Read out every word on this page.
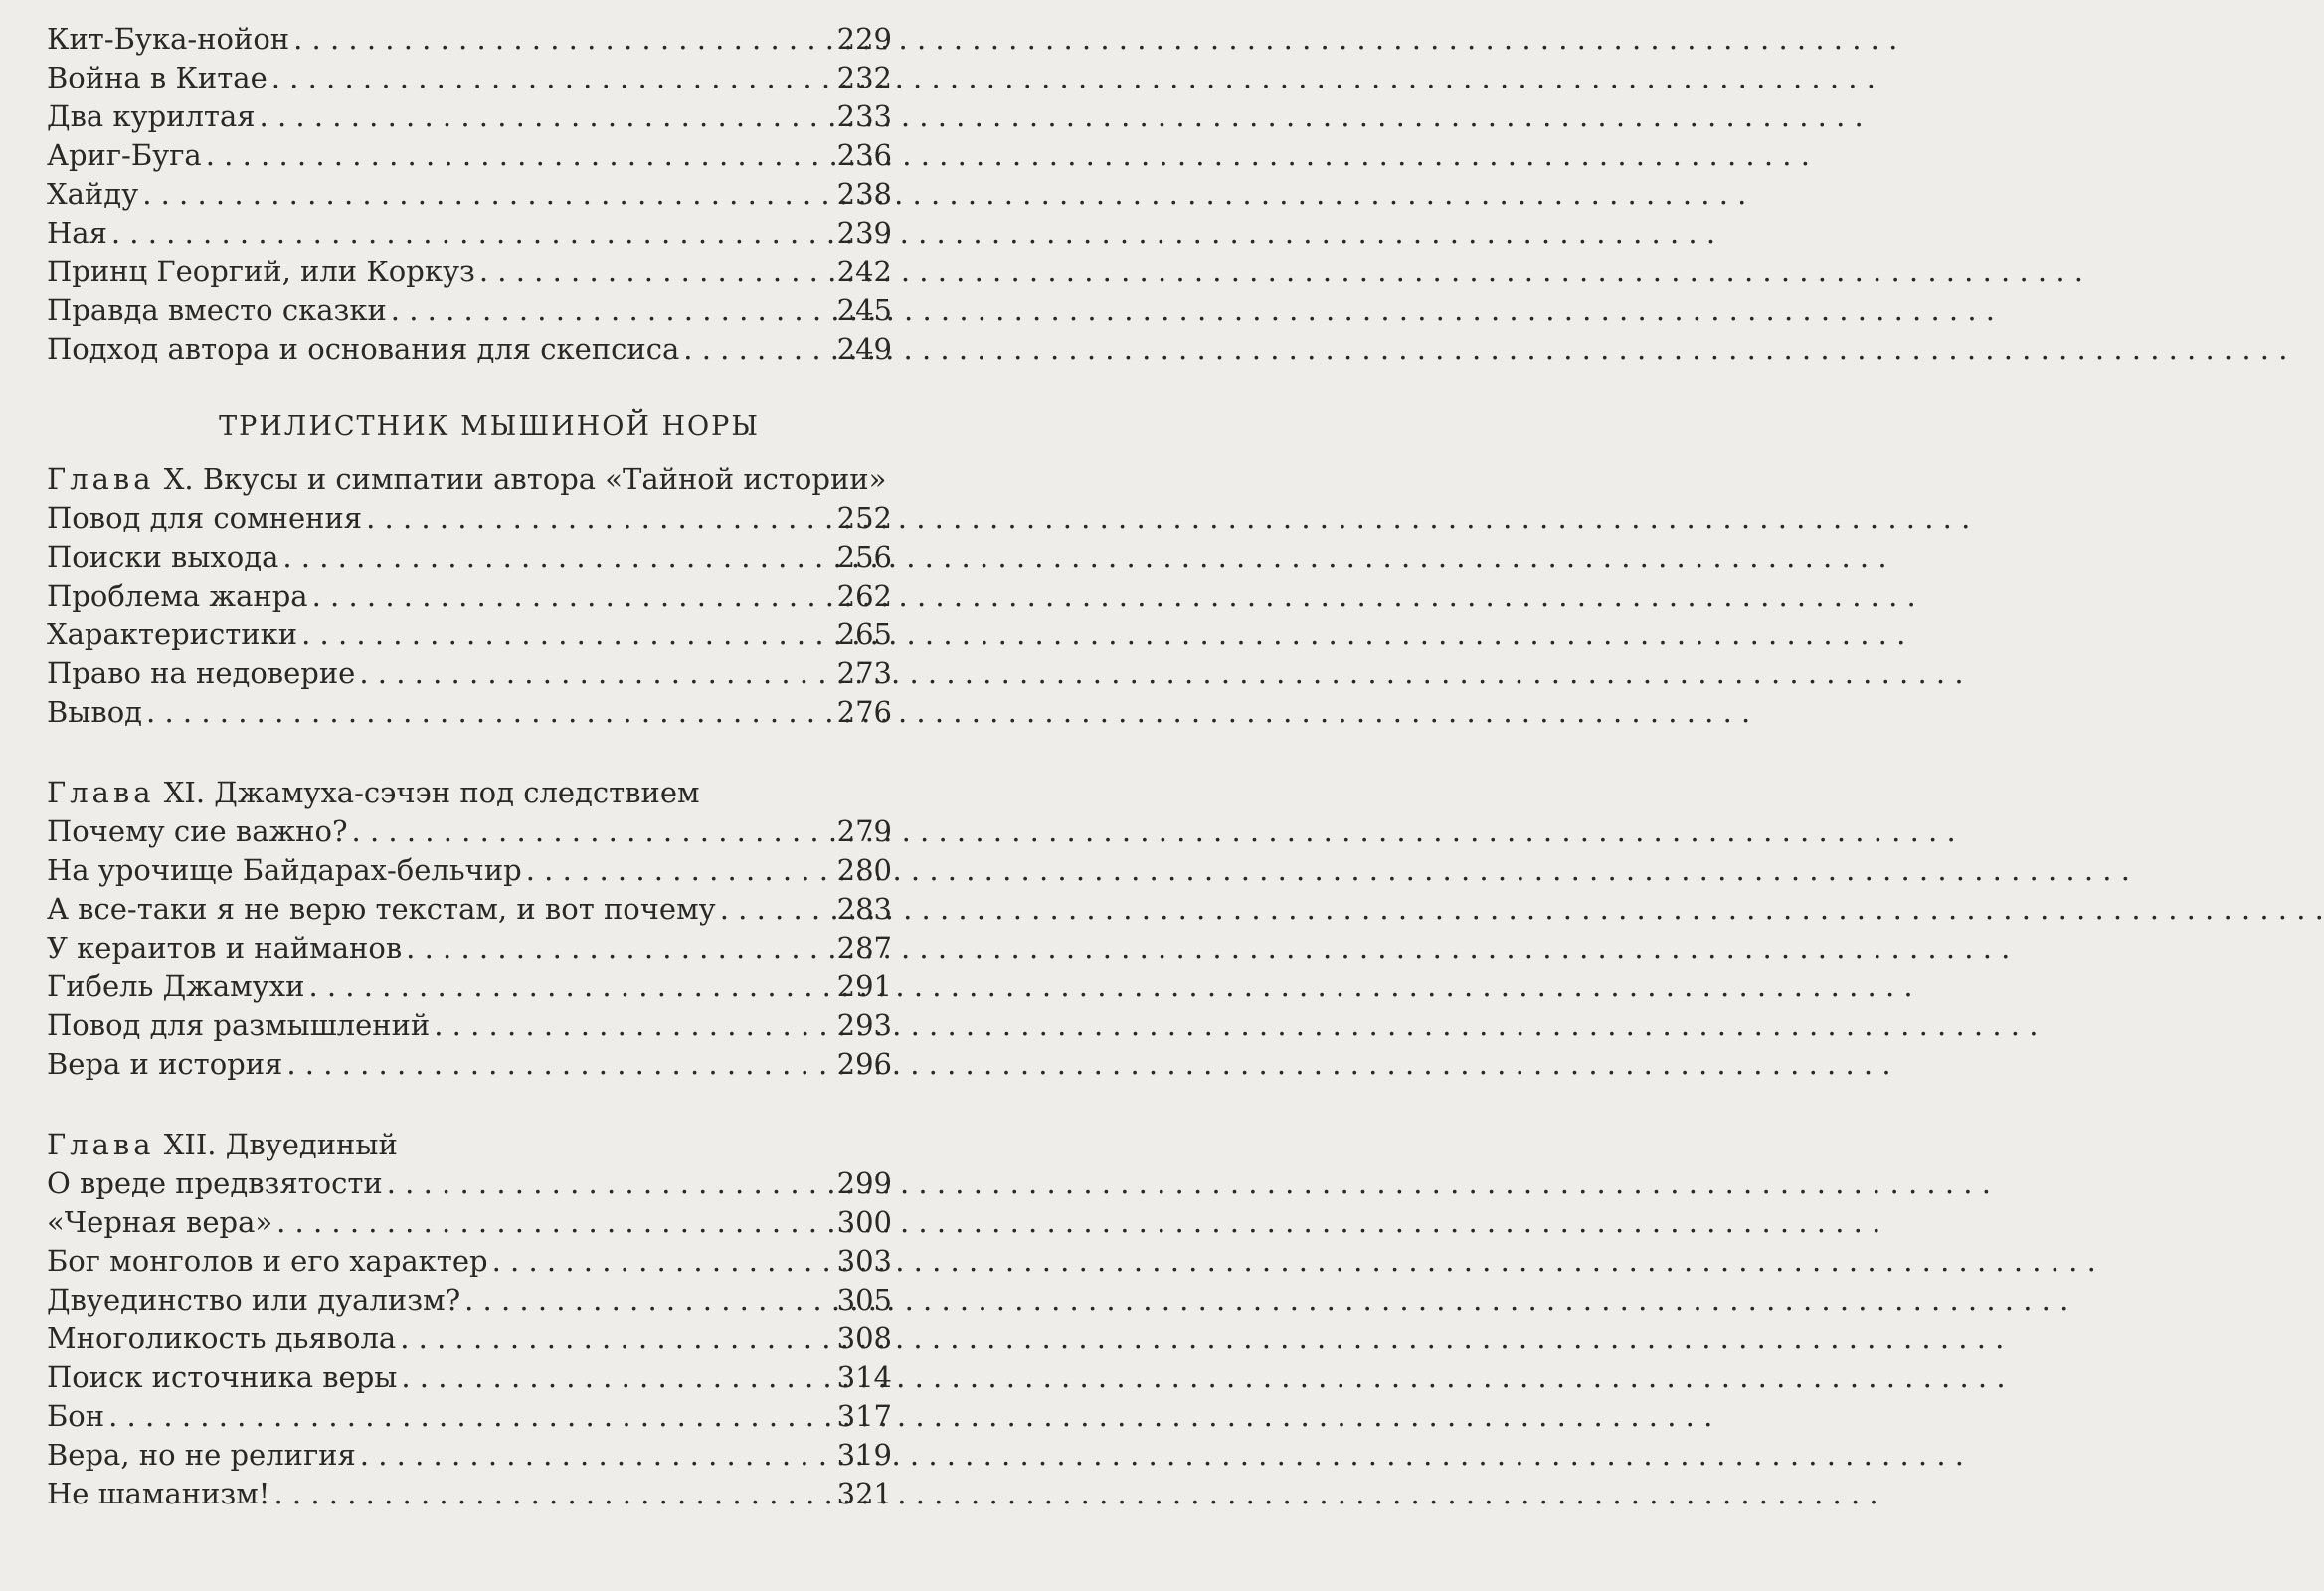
Кит-Бука-нойон . . .	229
Война в Китае . . .	232
Два курилтая . . .	233
Ариг-Буга . . .	236
Хайду . . .	238
Ная . . .	239
Принц Георгий, или Коркуз . . .	242
Правда вместо сказки . . .	245
Подход автора и основания для скепсиса . . .	249
ТРИЛИСТНИК МЫШИНОЙ НОРЫ
Глава X. Вкусы и симпатии автора «Тайной истории»
Повод для сомнения . . .	252
Поиски выхода . . .	256
Проблема жанра . . .	262
Характеристики . . .	265
Право на недоверие . . .	273
Вывод . . .	276
Глава XI. Джамуха-сэчэн под следствием
Почему сие важно? . . .	279
На урочище Байдарах-бельчир . . .	280
А все-таки я не верю текстам, и вот почему . . .	283
У кераитов и найманов . . .	287
Гибель Джамухи . . .	291
Повод для размышлений . . .	293
Вера и история . . .	296
Глава XII. Двуединый
О вреде предвзятости . . .	299
«Черная вера» . . .	300
Бог монголов и его характер . . .	303
Двуединство или дуализм? . . .	305
Многоликость дьявола . . .	308
Поиск источника веры . . .	314
Бон . . .	317
Вера, но не религия . . .	319
Не шаманизм! . . .	321
